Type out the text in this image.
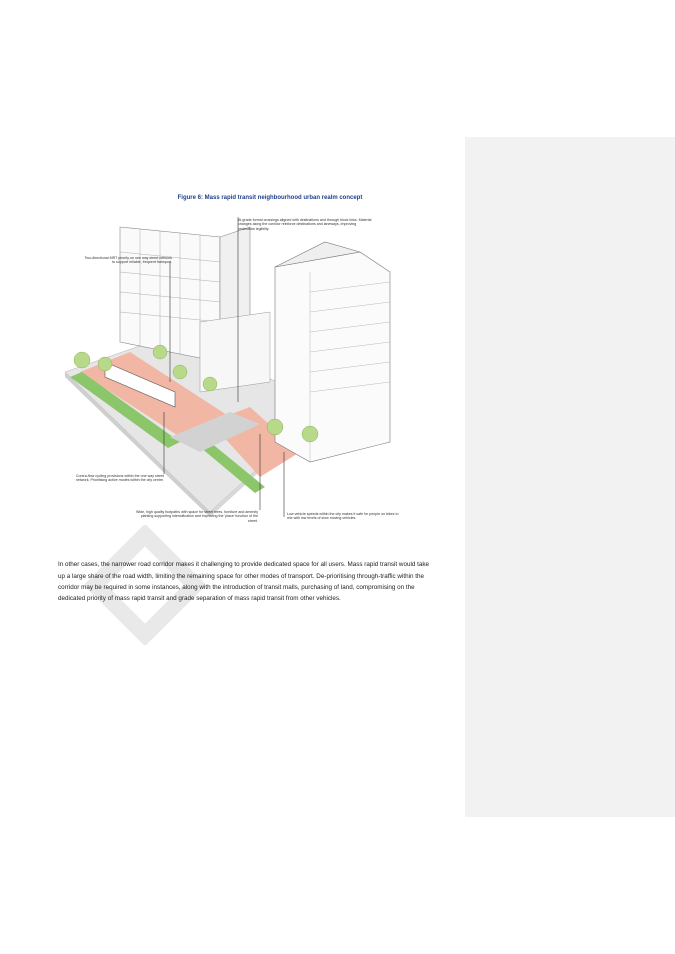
Figure 6: Mass rapid transit neighbourhood urban realm concept
At grade formal crossings aligned with destinations and through block links. Material changes along the corridor reinforce destinations and laneways, improving pedestrian legibility.
Two-directional MRT priority on one way street network to support reliable, frequent transport.
Contra-flow cycling provisions within the one way street network. Prioritising active modes within the city centre.
Wide, high quality footpaths with space for street trees, furniture and amenity planting supporting intensification and improving the 'place' function of the street.
Low vehicle speeds within the city makes it safe for people on bikes to mix with low levels of slow moving vehicles.

In other cases, the narrower road corridor makes it challenging to provide dedicated space for all users. Mass rapid transit would take up a large share of the road width, limiting the remaining space for other modes of transport. De-prioritising through-traffic within the corridor may be required in some instances, along with the introduction of transit malls, purchasing of land, compromising on the dedicated priority of mass rapid transit and grade separation of mass rapid transit from other vehicles.
